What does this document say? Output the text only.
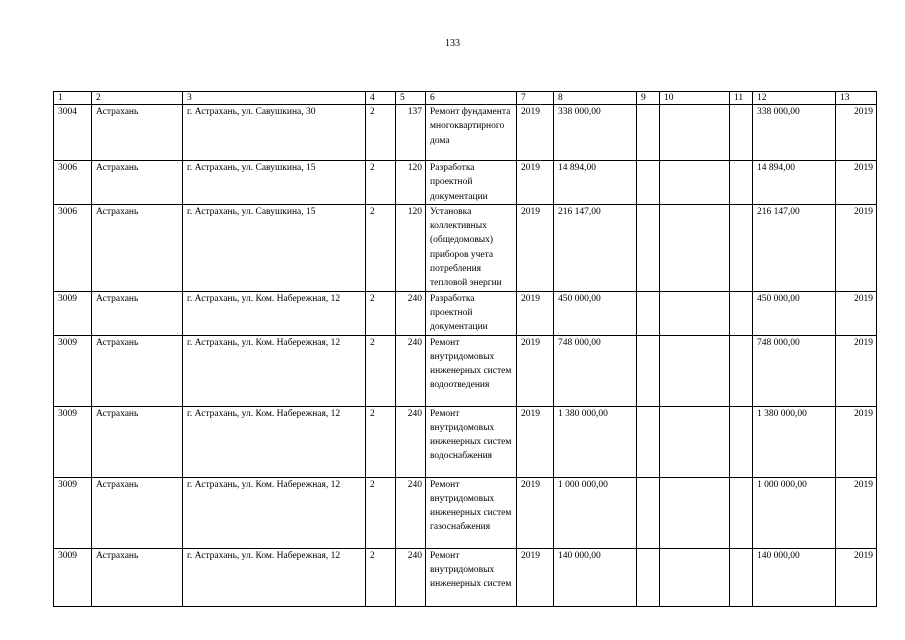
133
1	2	3	4	5	6	7	8	9	10	11	12	13
3004	Астрахань	г. Астрахань, ул. Савушкина, 30	2	137	Ремонт фундамента многоквартирного дома	2019	338 000,00				338 000,00	2019
3006	Астрахань	г. Астрахань, ул. Савушкина, 15	2	120	Разработка проектной документации	2019	14 894,00				14 894,00	2019
3006	Астрахань	г. Астрахань, ул. Савушкина, 15	2	120	Установка коллективных (общедомовых) приборов учета потребления тепловой энергии	2019	216 147,00				216 147,00	2019
3009	Астрахань	г. Астрахань, ул. Ком. Набережная, 12	2	240	Разработка проектной документации	2019	450 000,00				450 000,00	2019
3009	Астрахань	г. Астрахань, ул. Ком. Набережная, 12	2	240	Ремонт внутридомовых инженерных систем водоотведения	2019	748 000,00				748 000,00	2019
3009	Астрахань	г. Астрахань, ул. Ком. Набережная, 12	2	240	Ремонт внутридомовых инженерных систем водоснабжения	2019	1 380 000,00				1 380 000,00	2019
3009	Астрахань	г. Астрахань, ул. Ком. Набережная, 12	2	240	Ремонт внутридомовых инженерных систем газоснабжения	2019	1 000 000,00				1 000 000,00	2019
3009	Астрахань	г. Астрахань, ул. Ком. Набережная, 12	2	240	Ремонт внутридомовых инженерных систем	2019	140 000,00				140 000,00	2019
